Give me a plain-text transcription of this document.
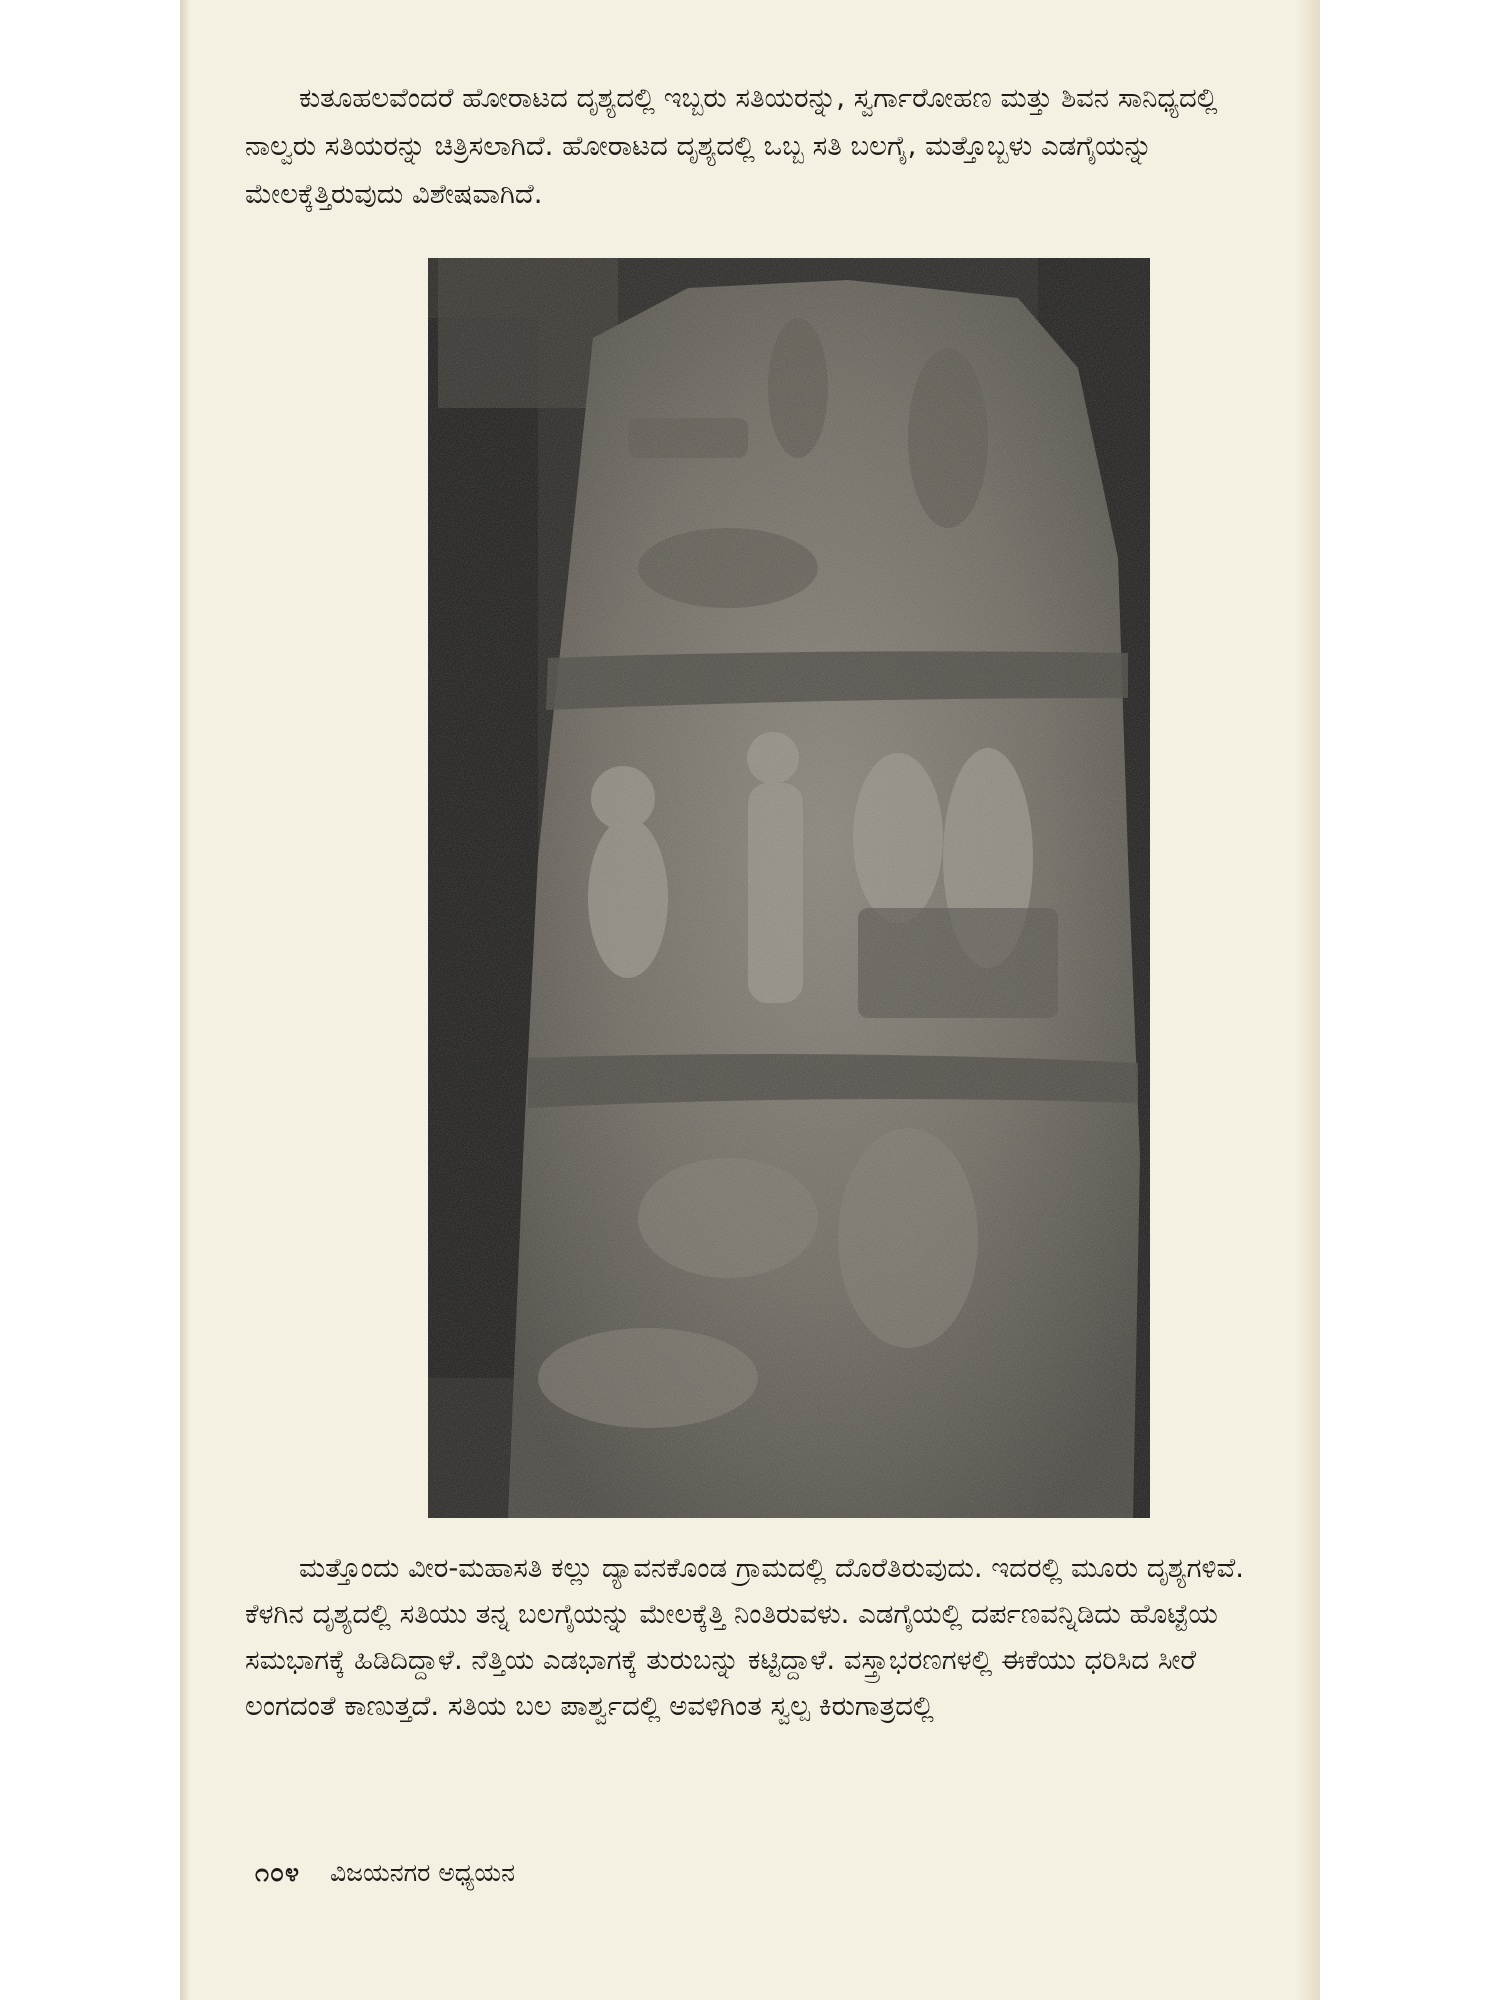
ಕುತೂಹಲವೆಂದರೆ ಹೋರಾಟದ ದೃಶ್ಯದಲ್ಲಿ ಇಬ್ಬರು ಸತಿಯರನ್ನು, ಸ್ವರ್ಗಾರೋಹಣ ಮತ್ತು ಶಿವನ ಸಾನಿಧ್ಯದಲ್ಲಿ ನಾಲ್ವರು ಸತಿಯರನ್ನು ಚಿತ್ರಿಸಲಾಗಿದೆ. ಹೋರಾಟದ ದೃಶ್ಯದಲ್ಲಿ ಒಬ್ಬ ಸತಿ ಬಲಗೈ, ಮತ್ತೊಬ್ಬಳು ಎಡಗೈಯನ್ನು ಮೇಲಕ್ಕೆತ್ತಿರುವುದು ವಿಶೇಷವಾಗಿದೆ.

ಮತ್ತೊಂದು ವೀರ-ಮಹಾಸತಿ ಕಲ್ಲು ದ್ಯಾವನಕೊಂಡ ಗ್ರಾಮದಲ್ಲಿ ದೊರೆತಿರುವುದು. ಇದರಲ್ಲಿ ಮೂರು ದೃಶ್ಯಗಳಿವೆ. ಕೆಳಗಿನ ದೃಶ್ಯದಲ್ಲಿ ಸತಿಯು ತನ್ನ ಬಲಗೈಯನ್ನು ಮೇಲಕ್ಕೆತ್ತಿ ನಿಂತಿರುವಳು. ಎಡಗೈಯಲ್ಲಿ ದರ್ಪಣವನ್ನಿಡಿದು ಹೊಟ್ಟೆಯ ಸಮಭಾಗಕ್ಕೆ ಹಿಡಿದಿದ್ದಾಳೆ. ನೆತ್ತಿಯ ಎಡಭಾಗಕ್ಕೆ ತುರುಬನ್ನು ಕಟ್ಟಿದ್ದಾಳೆ. ವಸ್ತ್ರಾಭರಣಗಳಲ್ಲಿ ಈಕೆಯು ಧರಿಸಿದ ಸೀರೆ ಲಂಗದಂತೆ ಕಾಣುತ್ತದೆ. ಸತಿಯ ಬಲ ಪಾರ್ಶ್ವದಲ್ಲಿ ಅವಳಿಗಿಂತ ಸ್ವಲ್ಪ ಕಿರುಗಾತ್ರದಲ್ಲಿ

೧೦೪ ವಿಜಯನಗರ ಅಧ್ಯಯನ
